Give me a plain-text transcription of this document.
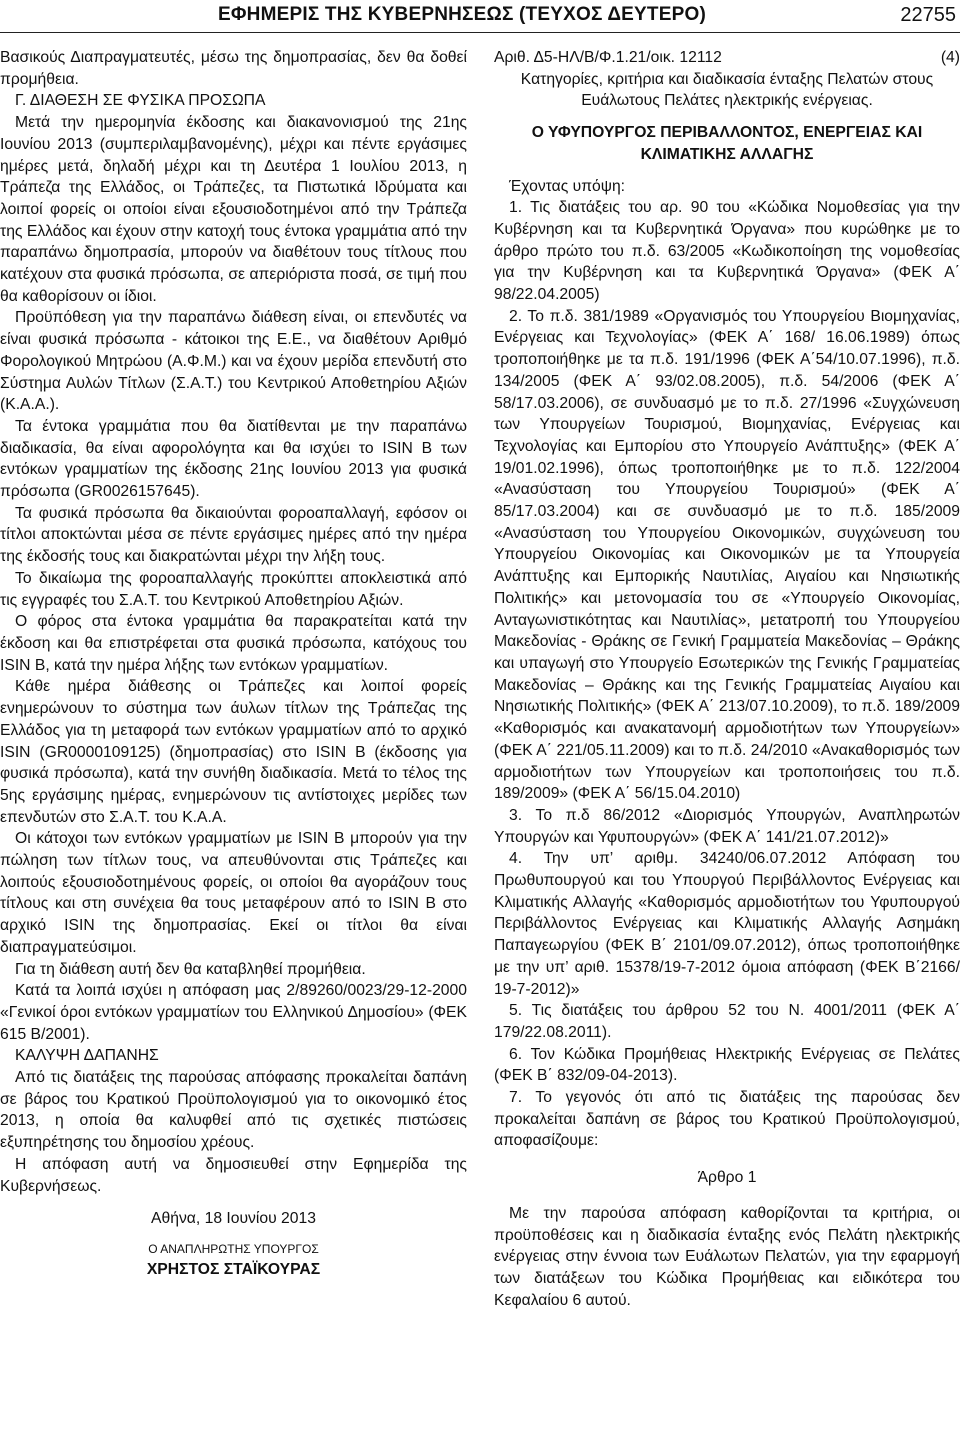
ΕΦΗΜΕΡΙΣ ΤΗΣ ΚΥΒΕΡΝΗΣΕΩΣ (ΤΕΥΧΟΣ ΔΕΥΤΕΡΟ)	22755

Βασικούς Διαπραγματευτές, μέσω της δημοπρασίας, δεν θα δοθεί προμήθεια.

Γ. ΔΙΑΘΕΣΗ ΣΕ ΦΥΣΙΚΑ ΠΡΟΣΩΠΑ

Μετά την ημερομηνία έκδοσης και διακανονισμού της 21ης Ιουνίου 2013 (συμπεριλαμβανομένης), μέχρι και πέντε εργάσιμες ημέρες μετά, δηλαδή μέχρι και τη Δευτέρα 1 Ιουλίου 2013, η Τράπεζα της Ελλάδος, οι Τράπεζες, τα Πιστωτικά Ιδρύματα και λοιποί φορείς οι οποίοι είναι εξουσιοδοτημένοι από την Τράπεζα της Ελλάδος και έχουν στην κατοχή τους έντοκα γραμμάτια από την παραπάνω δημοπρασία, μπορούν να διαθέτουν τους τίτλους που κατέχουν στα φυσικά πρόσωπα, σε απεριόριστα ποσά, σε τιμή που θα καθορίσουν οι ίδιοι.

Προϋπόθεση για την παραπάνω διάθεση είναι, οι επενδυτές να είναι φυσικά πρόσωπα - κάτοικοι της Ε.Ε., να διαθέτουν Αριθμό Φορολογικού Μητρώου (Α.Φ.Μ.) και να έχουν μερίδα επενδυτή στο Σύστημα Αυλών Τίτλων (Σ.Α.Τ.) του Κεντρικού Αποθετηρίου Αξιών (Κ.Α.Α.).

Τα έντοκα γραμμάτια που θα διατίθενται με την παραπάνω διαδικασία, θα είναι αφορολόγητα και θα ισχύει το ISIN B των εντόκων γραμματίων της έκδοσης 21ης Ιουνίου 2013 για φυσικά πρόσωπα (GR0026157645).

Τα φυσικά πρόσωπα θα δικαιούνται φοροαπαλλαγή, εφόσον οι τίτλοι αποκτώνται μέσα σε πέντε εργάσιμες ημέρες από την ημέρα της έκδοσής τους και διακρατώνται μέχρι την λήξη τους.

Το δικαίωμα της φοροαπαλλαγής προκύπτει αποκλειστικά από τις εγγραφές του Σ.Α.Τ. του Κεντρικού Αποθετηρίου Αξιών.

Ο φόρος στα έντοκα γραμμάτια θα παρακρατείται κατά την έκδοση και θα επιστρέφεται στα φυσικά πρόσωπα, κατόχους του ISIN B, κατά την ημέρα λήξης των εντόκων γραμματίων.

Κάθε ημέρα διάθεσης οι Τράπεζες και λοιποί φορείς ενημερώνουν το σύστημα των άυλων τίτλων της Τράπεζας της Ελλάδος για τη μεταφορά των εντόκων γραμματίων από το αρχικό ISIN (GR000010​9125) (δημοπρασίας) στο ISIN B (έκδοσης για φυσικά πρόσωπα), κατά την συνήθη διαδικασία. Μετά το τέλος της 5ης εργάσιμης ημέρας, ενημερώνουν τις αντίστοιχες μερίδες των επενδυτών στο Σ.Α.Τ. του Κ.Α.Α.

Οι κάτοχοι των εντόκων γραμματίων με ISIN B μπορούν για την πώληση των τίτλων τους, να απευθύνονται στις Τράπεζες και λοιπούς εξουσιοδοτημένους φορείς, οι οποίοι θα αγοράζουν τους τίτλους και στη συνέχεια θα τους μεταφέρουν από το ISIN B στο αρχικό ISIN της δημοπρασίας. Εκεί οι τίτλοι θα είναι διαπραγματεύσιμοι.

Για τη διάθεση αυτή δεν θα καταβληθεί προμήθεια.

Κατά τα λοιπά ισχύει η απόφαση μας 2/89260/0023/29-12-2000 «Γενικοί όροι εντόκων γραμματίων του Ελληνικού Δημοσίου» (ΦΕΚ 615 Β/2001).

ΚΑΛΥΨΗ ΔΑΠΑΝΗΣ

Από τις διατάξεις της παρούσας απόφασης προκαλείται δαπάνη σε βάρος του Κρατικού Προϋπολογισμού για το οικονομικό έτος 2013, η οποία θα καλυφθεί από τις σχετικές πιστώσεις εξυπηρέτησης του δημοσίου χρέους.

Η απόφαση αυτή να δημοσιευθεί στην Εφημερίδα της Κυβερνήσεως.

Αθήνα, 18 Ιουνίου 2013
Ο ΑΝΑΠΛΗΡΩΤΗΣ ΥΠΟΥΡΓΟΣ
ΧΡΗΣΤΟΣ ΣΤΑΪΚΟΥΡΑΣ
Αριθ. Δ5-ΗΛ/Β/Φ.1.21/οικ. 12112	(4)

Κατηγορίες, κριτήρια και διαδικασία ένταξης Πελατών στους Ευάλωτους Πελάτες ηλεκτρικής ενέργειας.

Ο ΥΦΥΠΟΥΡΓΟΣ ΠΕΡΙΒΑΛΛΟΝΤΟΣ, ΕΝΕΡΓΕΙΑΣ ΚΑΙ ΚΛΙΜΑΤΙΚΗΣ ΑΛΛΑΓΗΣ

Έχοντας υπόψη:

1. Τις διατάξεις του αρ. 90 του «Κώδικα Νομοθεσίας για την Κυβέρνηση και τα Κυβερνητικά Όργανα» που κυρώθηκε με το άρθρο πρώτο του π.δ. 63/2005 «Κωδικοποίηση της νομοθεσίας για την Κυβέρνηση και τα Κυβερνητικά Όργανα» (ΦΕΚ Α΄ 98/22.04.2005)

2. Το π.δ. 381/1989 «Οργανισμός του Υπουργείου Βιομηχανίας, Ενέργειας και Τεχνολογίας» (ΦΕΚ Α΄ 168/ 16.06.1989) όπως τροποποιήθηκε με τα π.δ. 191/1996 (ΦΕΚ Α΄54/10.07.1996), π.δ. 134/2005 (ΦΕΚ Α΄ 93/02.08.2005), π.δ. 54/2006 (ΦΕΚ Α΄ 58/17.03.2006), σε συνδυασμό με το π.δ. 27/1996 «Συγχώνευση των Υπουργείων Τουρισμού, Βιομηχανίας, Ενέργειας και Τεχνολογίας και Εμπορίου στο Υπουργείο Ανάπτυξης» (ΦΕΚ Α΄ 19/01.02.1996), όπως τροποποιήθηκε με το π.δ. 122/2004 «Ανασύσταση του Υπουργείου Τουρισμού» (ΦΕΚ Α΄ 85/17.03.2004) και σε συνδυασμό με το π.δ. 185/2009 «Ανασύσταση του Υπουργείου Οικονομικών, συγχώνευση του Υπουργείου Οικονομίας και Οικονομικών με τα Υπουργεία Ανάπτυξης και Εμπορικής Ναυτιλίας, Αιγαίου και Νησιωτικής Πολιτικής» και μετονομασία του σε «Υπουργείο Οικονομίας, Ανταγωνιστικότητας και Ναυτιλίας», μετατροπή του Υπουργείου Μακεδονίας - Θράκης σε Γενική Γραμματεία Μακεδονίας – Θράκης και υπαγωγή στο Υπουργείο Εσωτερικών της Γενικής Γραμματείας Μακεδονίας – Θράκης και της Γενικής Γραμματείας Αιγαίου και Νησιωτικής Πολιτικής» (ΦΕΚ Α΄ 213/07.10.2009), το π.δ. 189/2009 «Καθορισμός και ανακατανομή αρμοδιοτήτων των Υπουργείων» (ΦΕΚ Α΄ 221/05.11.2009) και το π.δ. 24/2010 «Ανακαθορισμός των αρμοδιοτήτων των Υπουργείων και τροποποιήσεις του π.δ. 189/2009» (ΦΕΚ Α΄ 56/15.04.2010)

3. Το π.δ 86/2012 «Διορισμός Υπουργών, Αναπληρωτών Υπουργών και Υφυπουργών» (ΦΕΚ Α΄ 141/21.07.2012)»

4. Την υπ’ αριθμ. 34240/06.07.2012 Απόφαση του Πρωθυπουργού και του Υπουργού Περιβάλλοντος Ενέργειας και Κλιματικής Αλλαγής «Καθορισμός αρμοδιοτήτων του Υφυπουργού Περιβάλλοντος Ενέργειας και Κλιματικής Αλλαγής Ασημάκη Παπαγεωργίου (ΦΕΚ Β΄ 2101/09.07.2012), όπως τροποποιήθηκε με την υπ’ αριθ. 15378/19-7-2012 όμοια απόφαση (ΦΕΚ Β΄2166/ 19-7-2012)»

5. Τις διατάξεις του άρθρου 52 του Ν. 4001/2011 (ΦΕΚ Α΄ 179/22.08.2011).

6. Τον Κώδικα Προμήθειας Ηλεκτρικής Ενέργειας σε Πελάτες (ΦΕΚ Β΄ 832/09-04-2013).

7. Το γεγονός ότι από τις διατάξεις της παρούσας δεν προκαλείται δαπάνη σε βάρος του Κρατικού Προϋπολογισμού, αποφασίζουμε:

Άρθρο 1

Με την παρούσα απόφαση καθορίζονται τα κριτήρια, οι προϋποθέσεις και η διαδικασία ένταξης ενός Πελάτη ηλεκτρικής ενέργειας στην έννοια των Ευάλωτων Πελατών, για την εφαρμογή των διατάξεων του Κώδικα Προμήθειας και ειδικότερα του Κεφαλαίου 6 αυτού.
